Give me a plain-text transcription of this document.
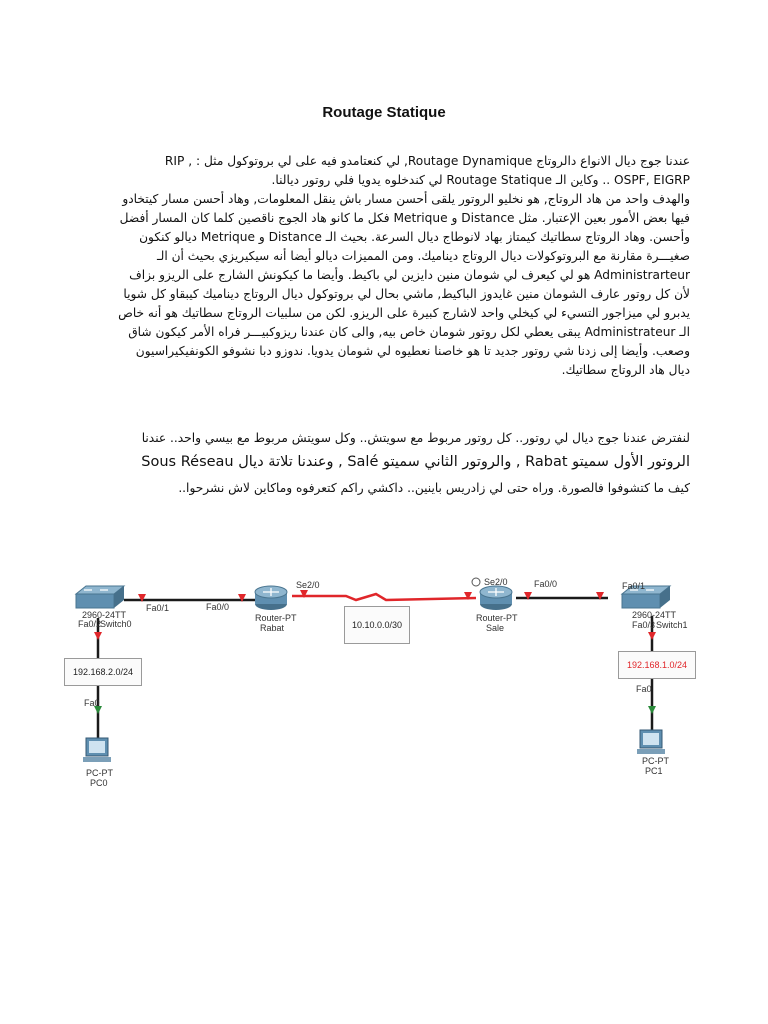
Routage Statique

عندنا جوج ديال الانواع دالروتاج Routage Dynamique, لي كنعتامدو فيه على لي بروتوكول مثل : , RIP

OSPF, EIGRP .. وكاين الـ Routage Statique لي كندخلوه يدويا فلي روتور ديالنا.

والهدف واحد من هاد الروتاج, هو نخليو الروتور يلقى أحسن مسار باش ينقل المعلومات, وهاد أحسن مسار كيتخادو

فيها بعض الأمور بعين الإعتبار. مثل Distance و Metrique فكل ما كانو هاد الجوج ناقصين كلما كان المسار أفضل

وأحسن. وهاد الروتاج سطاتيك كيمتاز بهاد لانوطاج ديال السرعة. بحيث الـ Distance و Metrique ديالو كنكون

صغيـــرة مقارنة مع البروتوكولات ديال الروتاج ديناميك. ومن المميزات ديالو أيضا أنه سيكيريزي بحيث أن الـ

Administrarteur هو لي كيعرف لي شومان منين دايزين لي باكيط. وأيضا ما كيكونش الشارج على الريزو بزاف

لأن كل روتور عارف الشومان منين غايدوز الباكيط, ماشي بحال لي بروتوكول ديال الروتاج ديناميك كيبقاو كل شويا

يدبرو لي ميزاجور التسيء لي كيخلي واحد لاشارج كبيرة على الريزو. لكن من سلبيات الروتاج سطاتيك هو أنه خاص

الـ Administrateur يبقى يعطي لكل روتور شومان خاص بيه, والى كان عندنا ريزوكبيـــر فراه الأمر كيكون شاق

وصعب. وأيضا إلى زدنا شي روتور جديد تا هو خاصنا نعطيوه لي شومان يدويا. ندوزو دبا نشوفو الكونفيكيراسيون

ديال هاد الروتاج سطاتيك.

لنفترض عندنا جوج ديال لي روتور.. كل روتور مربوط مع سويتش.. وكل سويتش مربوط مع بيسي واحد.. عندنا

الروتور الأول سميتو Rabat , والروتور الثاني سميتو Salé , وعندنا تلاتة ديال Sous Réseau

كيف ما كتشوفوا فالصورة. وراه حتى لي زادريس باينين.. داكشي راكم كتعرفوه وماكاين لاش نشرحوا..

2960-24TT
Switch0
Fa0/2
Fa0/1	Fa0/0
Se2/0
Router-PT
Rabat	10.10.0.0/30
Se2/0	Fa0/0
Router-PT
Sale
Fa0/1
2960-24TT
Switch1
Fa0/3
192.168.2.0/24
192.168.1.0/24
Fa0
PC-PT
PC0
Fa0
PC-PT
PC1
